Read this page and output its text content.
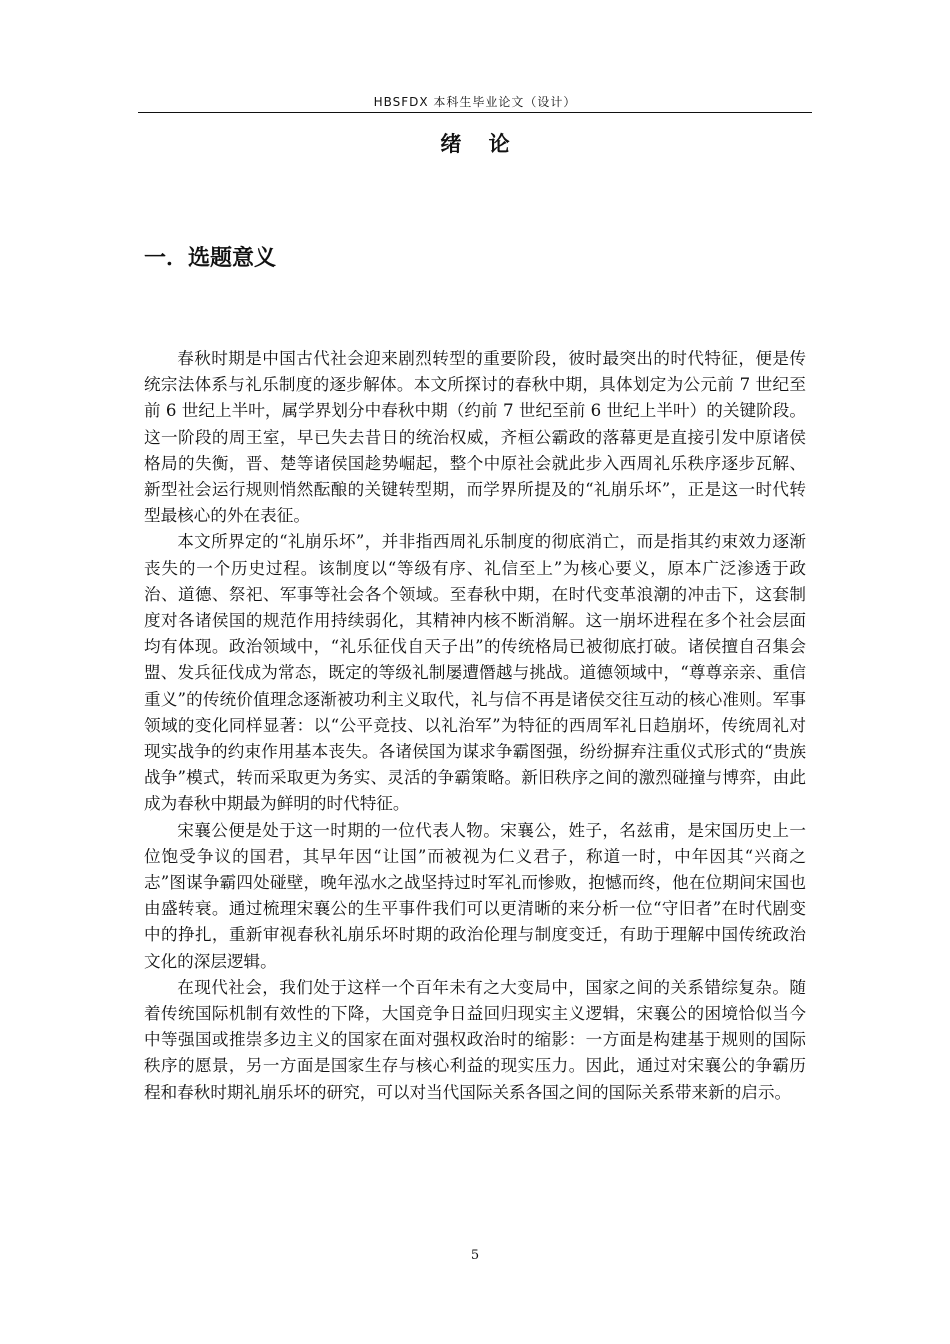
HBSFDX 本科生毕业论文（设计）
绪 论
一．选题意义

春秋时期是中国古代社会迎来剧烈转型的重要阶段，彼时最突出的时代特征，便是传统宗法体系与礼乐制度的逐步解体。本文所探讨的春秋中期，具体划定为公元前 7 世纪至前 6 世纪上半叶，属学界划分中春秋中期（约前 7 世纪至前 6 世纪上半叶）的关键阶段。这一阶段的周王室，早已失去昔日的统治权威，齐桓公霸政的落幕更是直接引发中原诸侯格局的失衡，晋、楚等诸侯国趁势崛起，整个中原社会就此步入西周礼乐秩序逐步瓦解、新型社会运行规则悄然酝酿的关键转型期，而学界所提及的“礼崩乐坏”，正是这一时代转型最核心的外在表征。

本文所界定的“礼崩乐坏”，并非指西周礼乐制度的彻底消亡，而是指其约束效力逐渐丧失的一个历史过程。该制度以“等级有序、礼信至上”为核心要义，原本广泛渗透于政治、道德、祭祀、军事等社会各个领域。至春秋中期，在时代变革浪潮的冲击下，这套制度对各诸侯国的规范作用持续弱化，其精神内核不断消解。这一崩坏进程在多个社会层面均有体现。政治领域中，“礼乐征伐自天子出”的传统格局已被彻底打破。诸侯擅自召集会盟、发兵征伐成为常态，既定的等级礼制屡遭僭越与挑战。道德领域中，“尊尊亲亲、重信重义”的传统价值理念逐渐被功利主义取代，礼与信不再是诸侯交往互动的核心准则。军事领域的变化同样显著：以“公平竞技、以礼治军”为特征的西周军礼日趋崩坏，传统周礼对现实战争的约束作用基本丧失。各诸侯国为谋求争霸图强，纷纷摒弃注重仪式形式的“贵族战争”模式，转而采取更为务实、灵活的争霸策略。新旧秩序之间的激烈碰撞与博弈，由此成为春秋中期最为鲜明的时代特征。

宋襄公便是处于这一时期的一位代表人物。宋襄公，姓子，名兹甫，是宋国历史上一位饱受争议的国君，其早年因“让国”而被视为仁义君子，称道一时，中年因其“兴商之志”图谋争霸四处碰壁，晚年泓水之战坚持过时军礼而惨败，抱憾而终，他在位期间宋国也由盛转衰。通过梳理宋襄公的生平事件我们可以更清晰的来分析一位“守旧者”在时代剧变中的挣扎，重新审视春秋礼崩乐坏时期的政治伦理与制度变迁，有助于理解中国传统政治文化的深层逻辑。

在现代社会，我们处于这样一个百年未有之大变局中，国家之间的关系错综复杂。随着传统国际机制有效性的下降，大国竞争日益回归现实主义逻辑，宋襄公的困境恰似当今中等强国或推崇多边主义的国家在面对强权政治时的缩影：一方面是构建基于规则的国际秩序的愿景，另一方面是国家生存与核心利益的现实压力。因此，通过对宋襄公的争霸历程和春秋时期礼崩乐坏的研究，可以对当代国际关系各国之间的国际关系带来新的启示。

5
